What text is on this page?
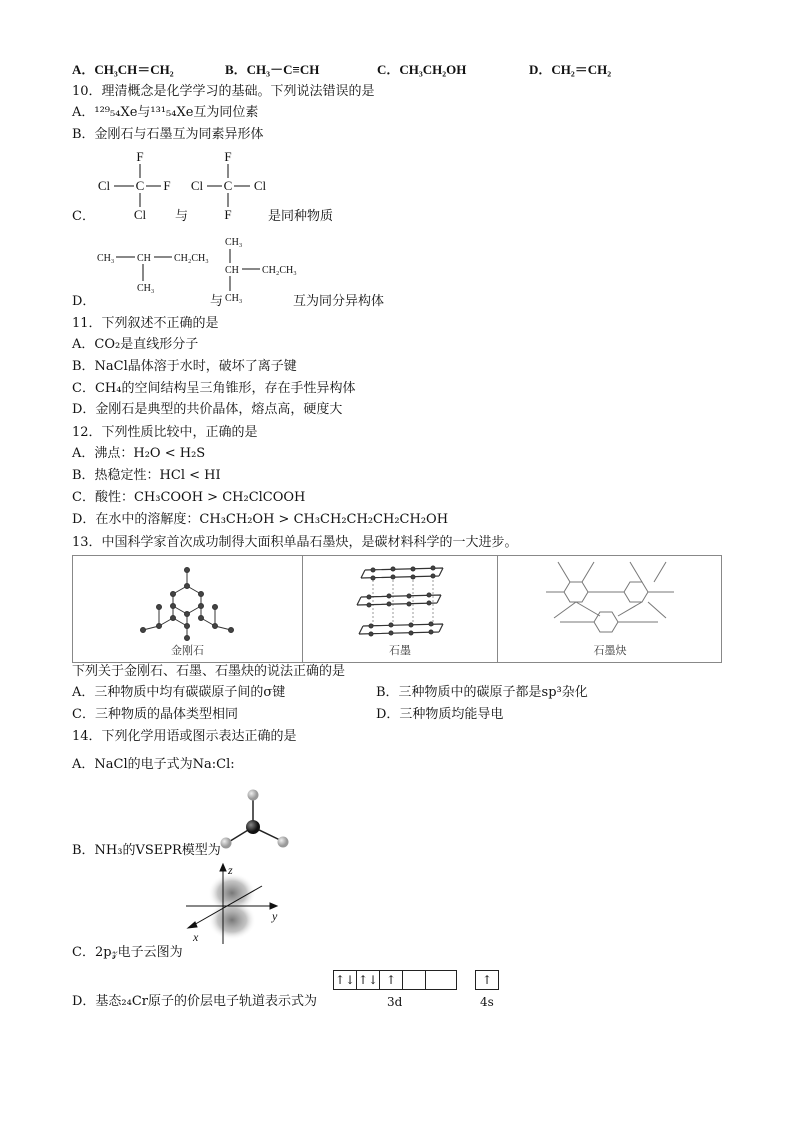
A．CH₃CH＝CH₂	B．CH₃－C≡CH	C．CH₃CH₂OH	D．CH₂＝CH₂
10．理清概念是化学学习的基础。下列说法错误的是
A．¹²⁹₅₄Xe与¹³¹₅₄Xe互为同位素
B．金刚石与石墨互为同素异形体
C．
F
Cl C F
Cl
F
Cl C Cl
F
与	是同种物质
D．
CH₃ CH CH₂CH₃
CH₃
CH₃
CH CH₂CH₃
CH₃
与	互为同分异构体
11．下列叙述不正确的是
A．CO₂是直线形分子
B．NaCl晶体溶于水时，破坏了离子键
C．CH₄的空间结构呈三角锥形，存在手性异构体
D．金刚石是典型的共价晶体，熔点高，硬度大
12．下列性质比较中，正确的是
A．沸点：H₂O < H₂S
B．热稳定性：HCl < HI
C．酸性：CH₃COOH > CH₂ClCOOH
D．在水中的溶解度：CH₃CH₂OH > CH₃CH₂CH₂CH₂CH₂OH
13．中国科学家首次成功制得大面积单晶石墨炔，是碳材料科学的一大进步。
金刚石	石墨	石墨炔
下列关于金刚石、石墨、石墨炔的说法正确的是
A．三种物质中均有碳碳原子间的σ键	B．三种物质中的碳原子都是sp³杂化
C．三种物质的晶体类型相同	D．三种物质均能导电
14．下列化学用语或图示表达正确的是
A．NaCl的电子式为Na:Cl:
B．NH₃的VSEPR模型为
z
y
x
C．2p𝓏电子云图为
↑↓ ↑↓ ↑	↑
3d	4s
D．基态₂₄Cr原子的价层电子轨道表示式为
